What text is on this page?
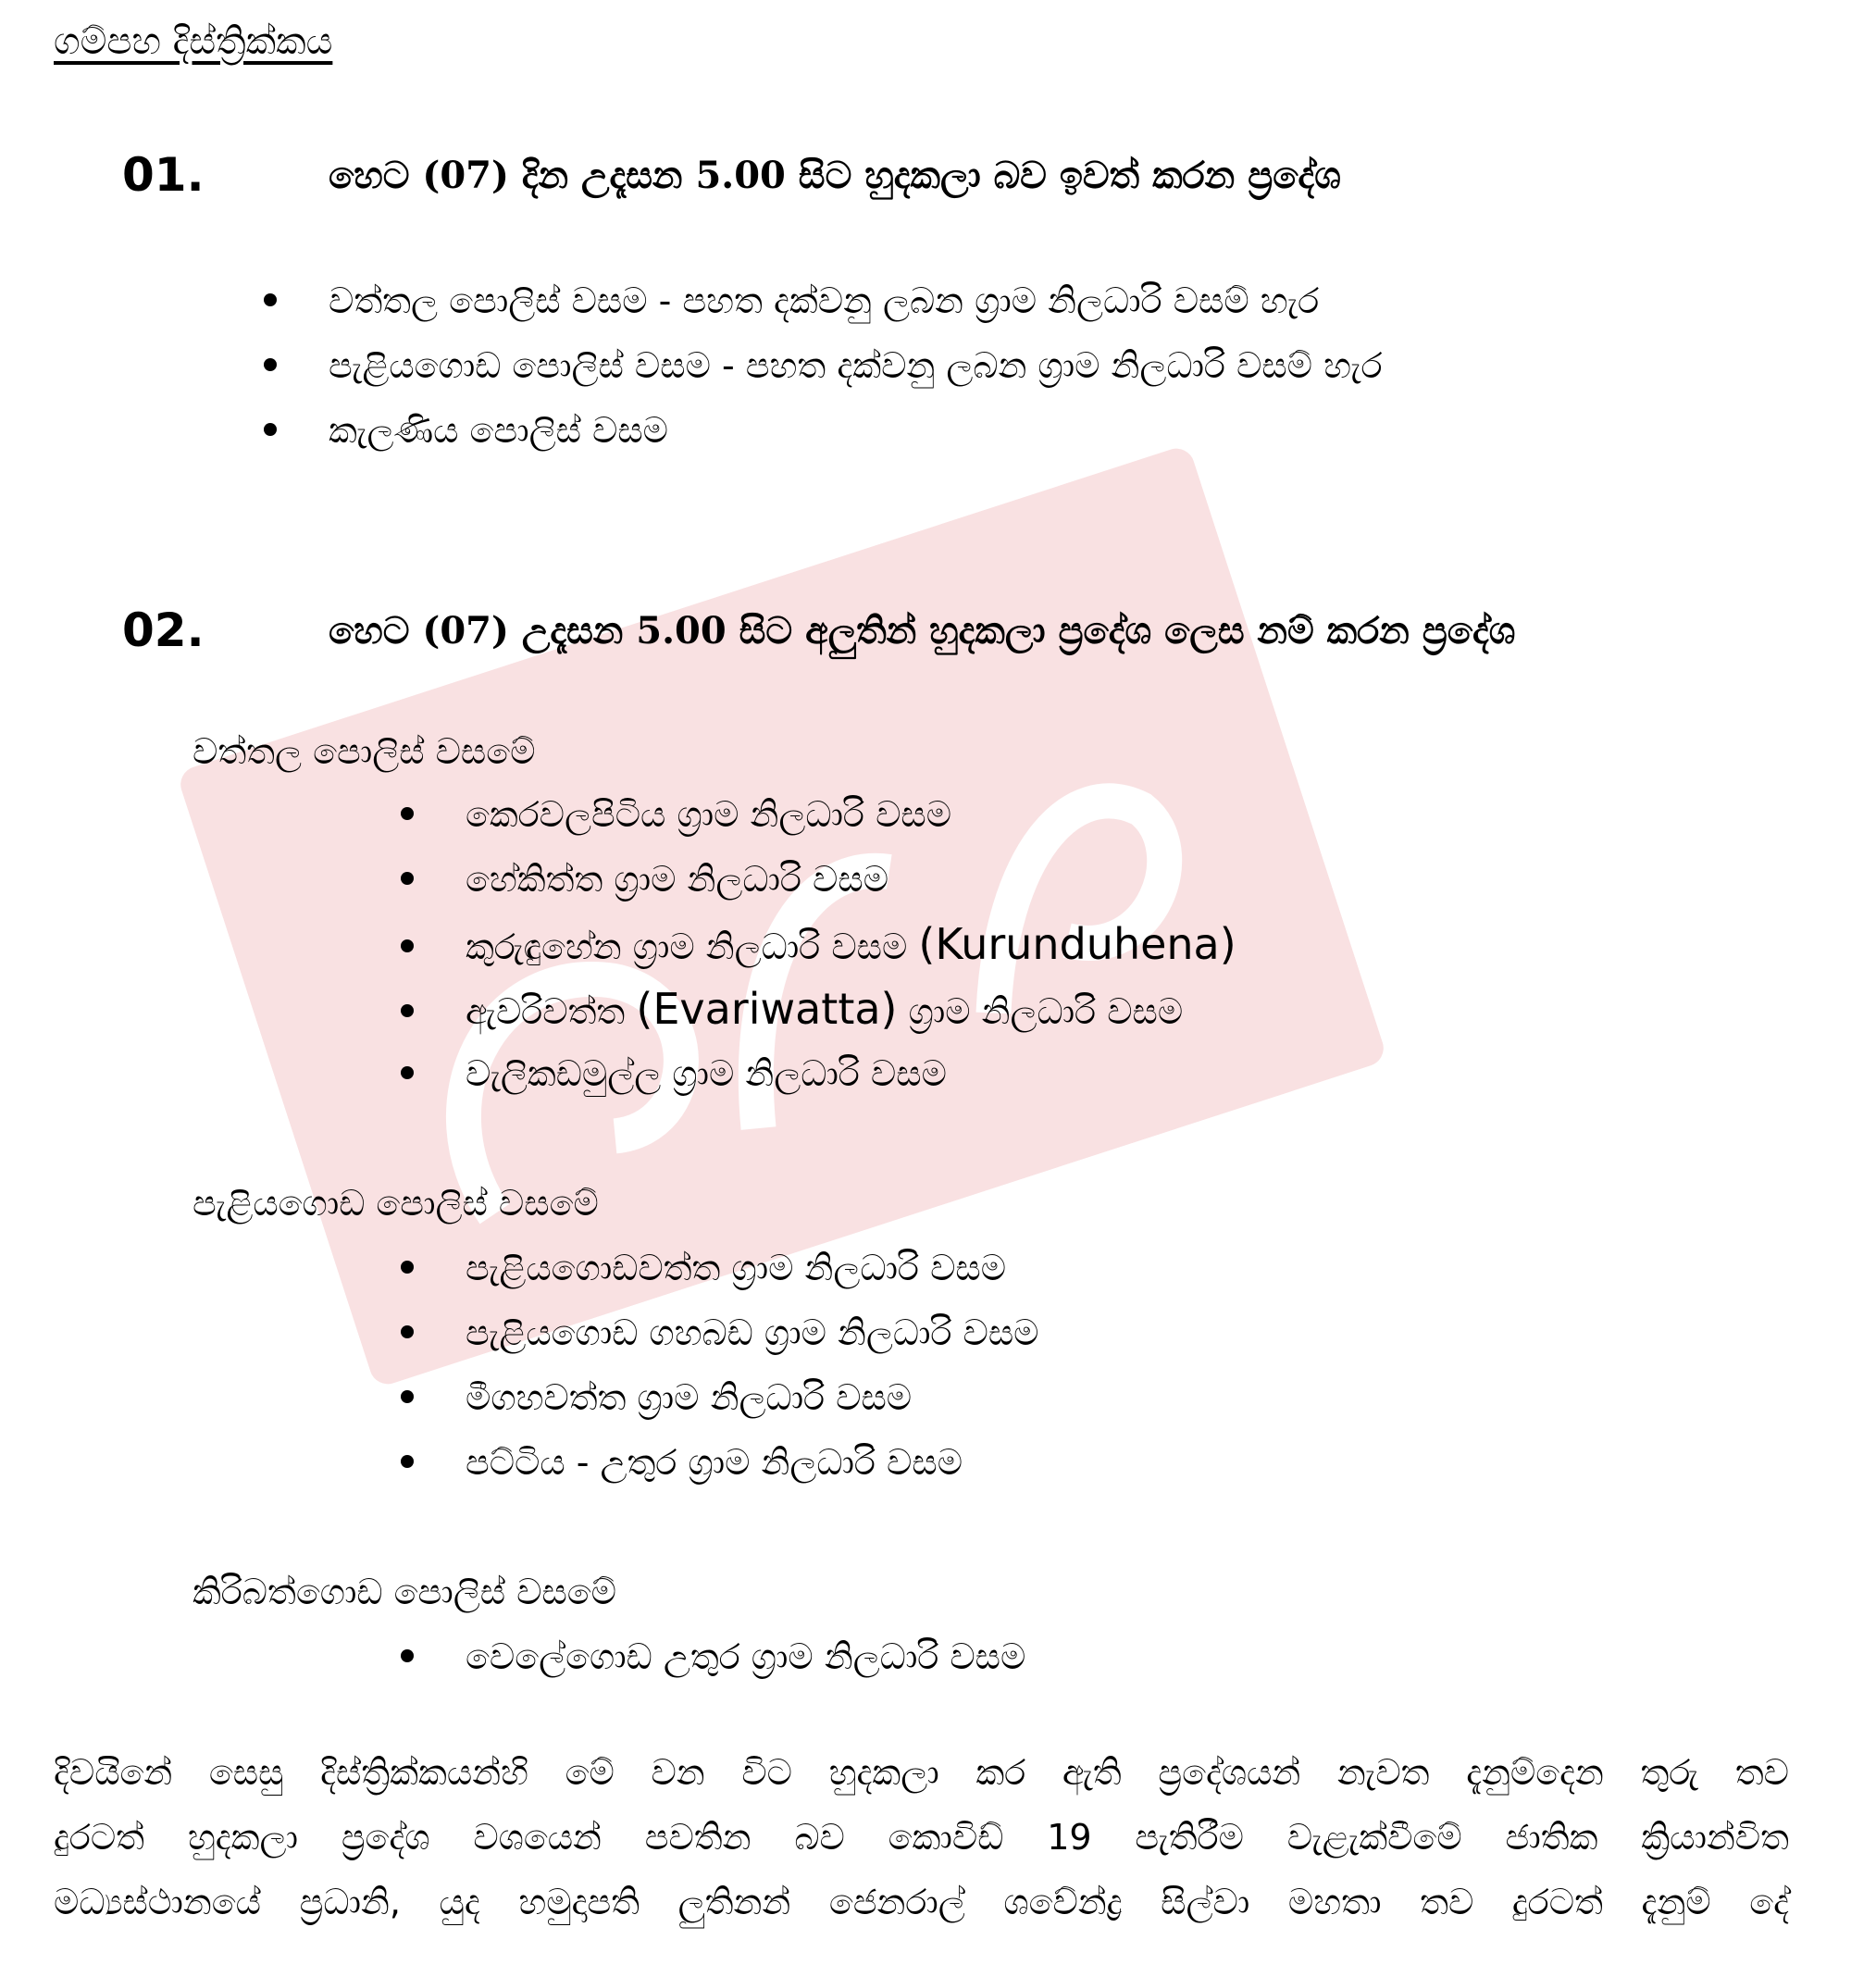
ගම්පහ දිස්ත්‍රික්කය
01.	හෙට (07) දින උදෑසන 5.00 සිට හුදකලා බව ඉවත් කරන ප්‍රදේශ
වත්තල පොලිස් වසම - පහත දක්වනු ලබන ග්‍රාම නිලධාරි වසම් හැර
පැළියගොඩ පොලිස් වසම - පහත දක්වනු ලබන ග්‍රාම නිලධාරි වසම් හැර
කැලණිය පොලිස් වසම
02.	හෙට (07) උදෑසන 5.00 සිට අලුතින් හුදකලා ප්‍රදේශ ලෙස නම් කරන ප්‍රදේශ
වත්තල පොලිස් වසමේ
කෙරවලපිටිය ග්‍රාම නිලධාරි වසම
හේකිත්ත ග්‍රාම නිලධාරි වසම
කුරුඳුහේන ග්‍රාම නිලධාරි වසම (Kurunduhena)
ඇවරිවත්ත (Evariwatta) ග්‍රාම නිලධාරි වසම
වැලිකඩමුල්ල ග්‍රාම නිලධාරි වසම
පැළියගොඩ පොලිස් වසමේ
පැළියගොඩවත්ත ග්‍රාම නිලධාරි වසම
පැළියගොඩ ගහබඩ ග්‍රාම නිලධාරි වසම
මීගහවත්ත ග්‍රාම නිලධාරි වසම
පට්ටිය - උතුර ග්‍රාම නිලධාරි වසම
කිරිබත්ගොඩ පොලිස් වසමේ
වෙලේගොඩ උතුර ග්‍රාම නිලධාරි වසම
දිවයිනේ සෙසු දිස්ත්‍රික්කයන්හි මේ වන විට හුදකලා කර ඇති ප්‍රදේශයන් නැවත දැනුම්දෙන තුරු තව
දුරටත් හුදකලා ප්‍රදේශ වශයෙන් පවතින බව කොවිඩ් 19 පැතිරීම වැළැක්වීමේ ජාතික ක්‍රියාන්විත
මධ්‍යස්ථානයේ ප්‍රධානි, යුද හමුදාපති ලුතිනන් ජෙනරාල් ශවේන්ද්‍ර සිල්වා මහතා තව දුරටත් දැනුම් දේ
